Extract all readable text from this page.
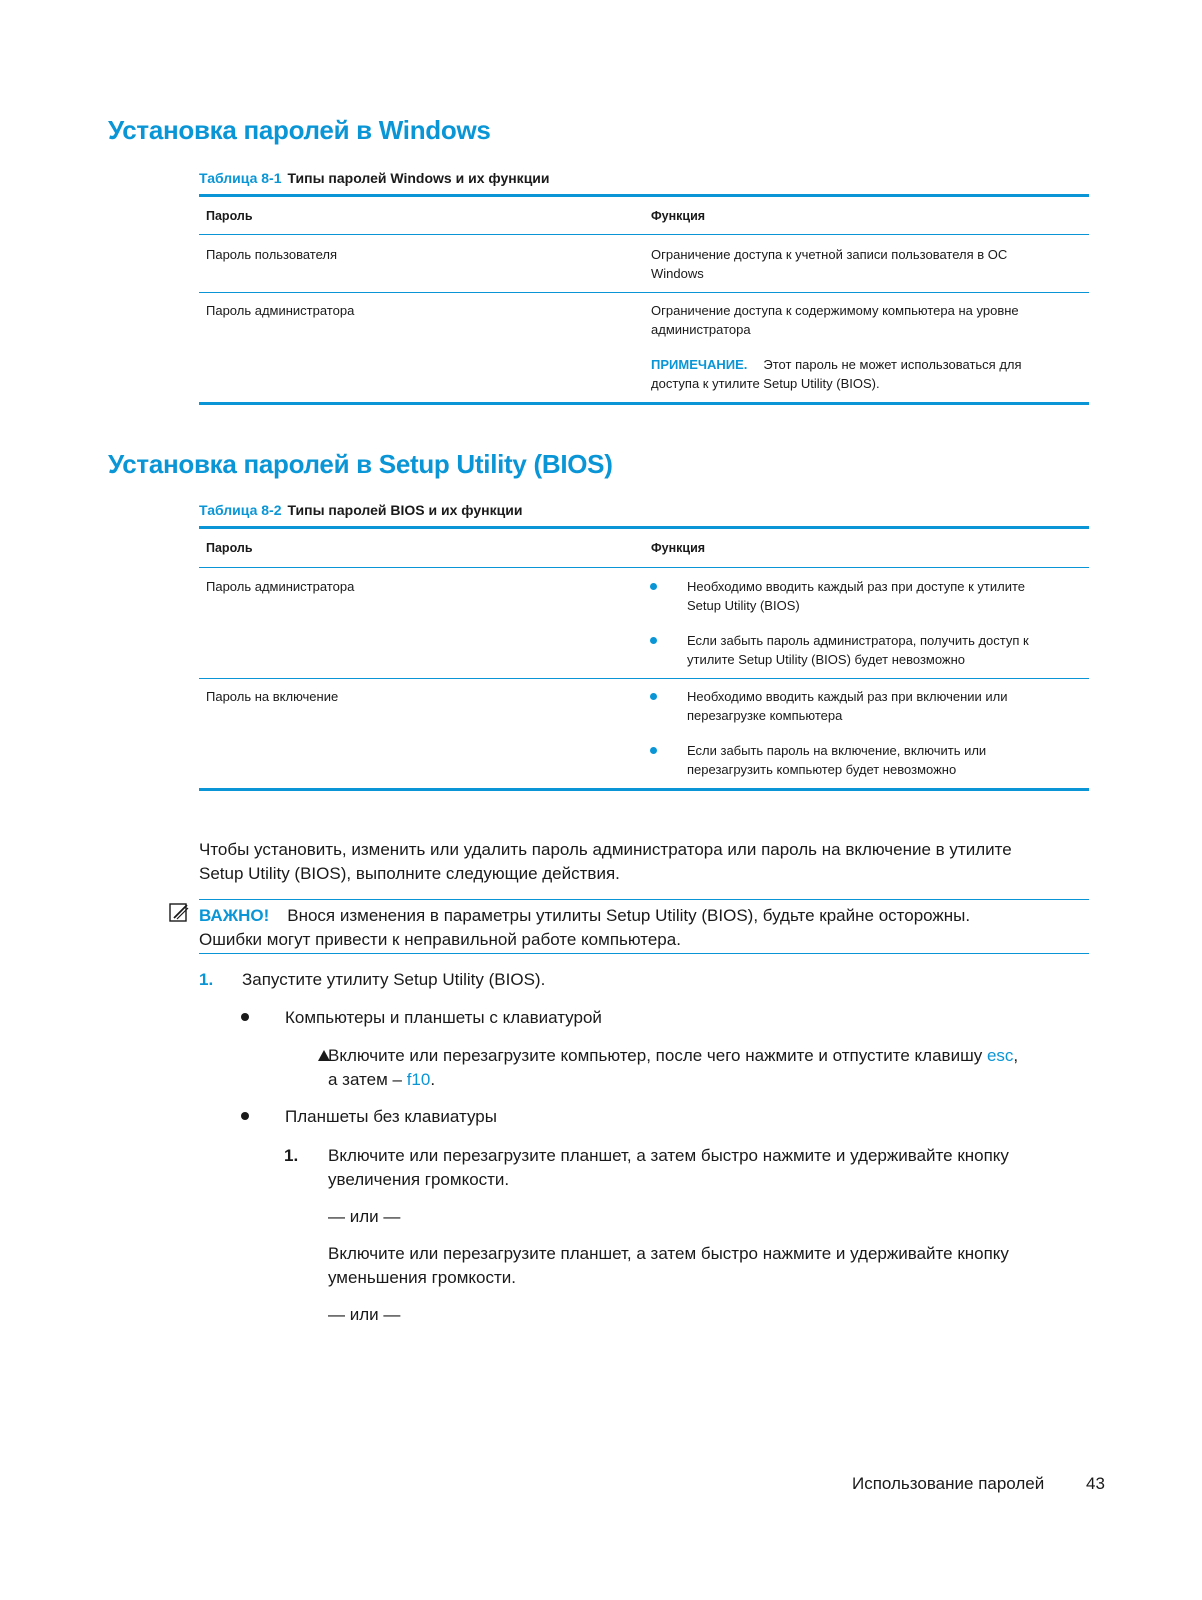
Установка паролей в Windows
Таблица 8-1 Типы паролей Windows и их функции
Пароль	Функция
Пароль пользователя	Ограничение доступа к учетной записи пользователя в ОС
Windows
Пароль администратора	Ограничение доступа к содержимому компьютера на уровне
администратора
ПРИМЕЧАНИЕ. Этот пароль не может использоваться для
доступа к утилите Setup Utility (BIOS).
Установка паролей в Setup Utility (BIOS)
Таблица 8-2 Типы паролей BIOS и их функции
Пароль	Функция
Пароль администратора	Необходимо вводить каждый раз при доступе к утилите
Setup Utility (BIOS)
Если забыть пароль администратора, получить доступ к
утилите Setup Utility (BIOS) будет невозможно
Пароль на включение	Необходимо вводить каждый раз при включении или
перезагрузке компьютера
Если забыть пароль на включение, включить или
перезагрузить компьютер будет невозможно
Чтобы установить, изменить или удалить пароль администратора или пароль на включение в утилите
Setup Utility (BIOS), выполните следующие действия.
ВАЖНО! Внося изменения в параметры утилиты Setup Utility (BIOS), будьте крайне осторожны.
Ошибки могут привести к неправильной работе компьютера.
1. Запустите утилиту Setup Utility (BIOS).
Компьютеры и планшеты с клавиатурой
Включите или перезагрузите компьютер, после чего нажмите и отпустите клавишу esc,
а затем – f10.
Планшеты без клавиатуры
1. Включите или перезагрузите планшет, а затем быстро нажмите и удерживайте кнопку
увеличения громкости.
— или —
Включите или перезагрузите планшет, а затем быстро нажмите и удерживайте кнопку
уменьшения громкости.
— или —
Использование паролей 43
